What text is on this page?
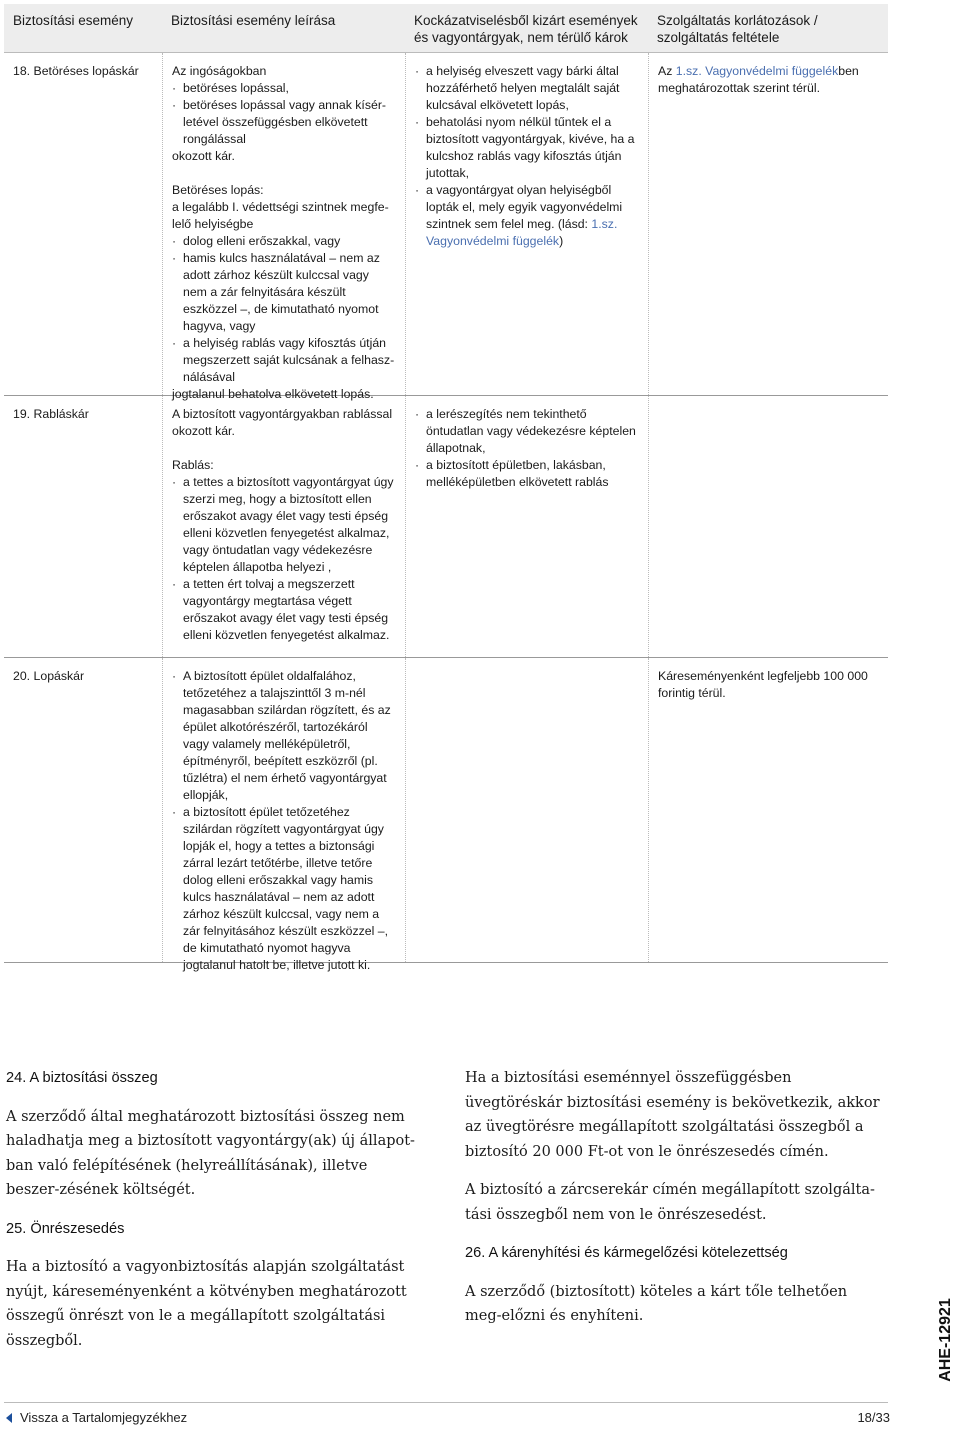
Biztosítási esemény	Biztosítási esemény leírása	Kockázatviselésből kizárt események és vagyontárgyak, nem térülő károk
Szolgáltatás korlátozások / szolgáltatás feltétele
18. Betöréses lopáskár	Az ingóságokban
· betöréses lopással,
· betöréses lopással vagy annak kísér-letével összefüggésben elkövetett rongálással
okozott kár.
Betöréses lopás:
a legalább I. védettségi szintnek megfe-lelő helyiségbe
· dolog elleni erőszakkal, vagy
· hamis kulcs használatával – nem az adott zárhoz készült kulccsal vagy nem a zár felnyitására készült eszközzel –, de kimutatható nyomot hagyva, vagy
· a helyiség rablás vagy kifosztás útján megszerzett saját kulcsának a felhasz-nálásával
jogtalanul behatolva elkövetett lopás.
· a helyiség elveszett vagy bárki által hozzáférhető helyen megtalált saját kulcsával elkövetett lopás,
· behatolási nyom nélkül tűntek el a biztosított vagyontárgyak, kivéve, ha a kulcshoz rablás vagy kifosztás útján jutottak,
· a vagyontárgyat olyan helyiségből lopták el, mely egyik vagyonvédelmi szintnek sem felel meg. (lásd: 1.sz. Vagyonvédelmi függelék)
Az 1.sz. Vagyonvédelmi függelékben meghatározottak szerint térül.
19. Rabláskár	A biztosított vagyontárgyakban rablással okozott kár.
Rablás:
· a tettes a biztosított vagyontárgyat úgy szerzi meg, hogy a biztosított ellen erőszakot avagy élet vagy testi épség elleni közvetlen fenyegetést alkalmaz, vagy öntudatlan vagy védekezésre képtelen állapotba helyezi ,
· a tetten ért tolvaj a megszerzett vagyontárgy megtartása végett erőszakot avagy élet vagy testi épség elleni közvetlen fenyegetést alkalmaz.
· a lerészegítés nem tekinthető öntudatlan vagy védekezésre képtelen állapotnak,
· a biztosított épületben, lakásban, melléképületben elkövetett rablás
20. Lopáskár
·	A biztosított épület oldalfalához, tetőzetéhez a talajszinttől 3 m-nél magasabban szilárdan rögzített, és az épület alkotórészéről, tartozékáról vagy valamely melléképületről, építményről, beépített eszközről (pl. tűzlétra) el nem érhető vagyontárgyat ellopják,
· a biztosított épület tetőzetéhez szilárdan rögzített vagyontárgyat úgy lopják el, hogy a tettes a biztonsági zárral lezárt tetőtérbe, illetve tetőre dolog elleni erőszakkal vagy hamis kulcs használatával – nem az adott zárhoz készült kulccsal, vagy nem a zár felnyitásához készült eszközzel –, de kimutatható nyomot hagyva jogtalanul hatolt be, illetve jutott ki.
Káreseményenként legfeljebb 100 000 forintig térül.
24. A biztosítási összeg
A szerződő által meghatározott biztosítási összeg nem haladhatja meg a biztosított vagyontárgy(ak) új állapot-ban való felépítésének (helyreállításának), illetve beszer-zésének költségét.
25. Önrészesedés
Ha a biztosító a vagyonbiztosítás alapján szolgáltatást nyújt, káreseményenként a kötvényben meghatározott összegű önrészt von le a megállapított szolgáltatási összegből.
Ha a biztosítási eseménnyel összefüggésben üvegtöréskár biztosítási esemény is bekövetkezik, akkor az üvegtörésre megállapított szolgáltatási összegből a biztosító 20 000 Ft-ot von le önrészesedés címén.
A biztosító a zárcserekár címén megállapított szolgálta-tási összegből nem von le önrészesedést.
26. A kárenyhítési és kármegelőzési kötelezettség
A szerződő (biztosított) köteles a kárt tőle telhetően meg-előzni és enyhíteni.	AHE-12921
Vissza a Tartalomjegyzékhez	18/33
